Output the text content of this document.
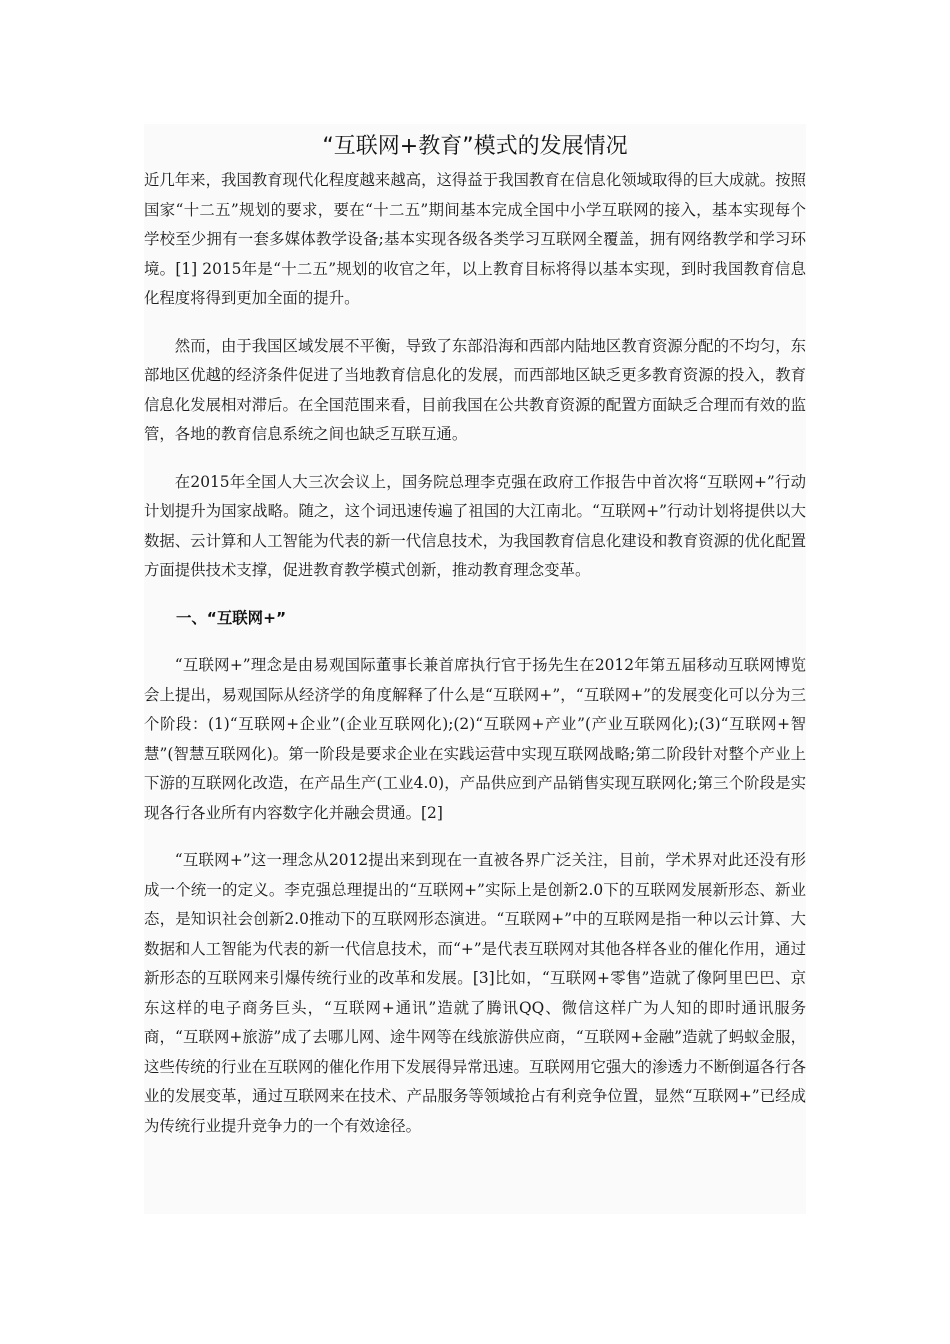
“互联网+教育”模式的发展情况

近几年来，我国教育现代化程度越来越高，这得益于我国教育在信息化领域取得的巨大成就。按照国家“十二五”规划的要求，要在“十二五”期间基本完成全国中小学互联网的接入，基本实现每个学校至少拥有一套多媒体教学设备;基本实现各级各类学习互联网全覆盖，拥有网络教学和学习环境。[1] 2015年是“十二五”规划的收官之年，以上教育目标将得以基本实现，到时我国教育信息化程度将得到更加全面的提升。

然而，由于我国区域发展不平衡，导致了东部沿海和西部内陆地区教育资源分配的不均匀，东部地区优越的经济条件促进了当地教育信息化的发展，而西部地区缺乏更多教育资源的投入，教育信息化发展相对滞后。在全国范围来看，目前我国在公共教育资源的配置方面缺乏合理而有效的监管，各地的教育信息系统之间也缺乏互联互通。

在2015年全国人大三次会议上，国务院总理李克强在政府工作报告中首次将“互联网+”行动计划提升为国家战略。随之，这个词迅速传遍了祖国的大江南北。“互联网+”行动计划将提供以大数据、云计算和人工智能为代表的新一代信息技术，为我国教育信息化建设和教育资源的优化配置方面提供技术支撑，促进教育教学模式创新，推动教育理念变革。

一、“互联网+”

“互联网+”理念是由易观国际董事长兼首席执行官于扬先生在2012年第五届移动互联网博览会上提出，易观国际从经济学的角度解释了什么是“互联网+”，“互联网+”的发展变化可以分为三个阶段：(1)“互联网+企业”(企业互联网化);(2)“互联网+产业”(产业互联网化);(3)“互联网+智慧”(智慧互联网化)。第一阶段是要求企业在实践运营中实现互联网战略;第二阶段针对整个产业上下游的互联网化改造，在产品生产(工业4.0)，产品供应到产品销售实现互联网化;第三个阶段是实现各行各业所有内容数字化并融会贯通。[2]

“互联网+”这一理念从2012提出来到现在一直被各界广泛关注，目前，学术界对此还没有形成一个统一的定义。李克强总理提出的“互联网+”实际上是创新2.0下的互联网发展新形态、新业态，是知识社会创新2.0推动下的互联网形态演进。“互联网+”中的互联网是指一种以云计算、大数据和人工智能为代表的新一代信息技术，而“+”是代表互联网对其他各样各业的催化作用，通过新形态的互联网来引爆传统行业的改革和发展。[3]比如，“互联网+零售”造就了像阿里巴巴、京东这样的电子商务巨头，“互联网+通讯”造就了腾讯QQ、微信这样广为人知的即时通讯服务商，“互联网+旅游”成了去哪儿网、途牛网等在线旅游供应商，“互联网+金融”造就了蚂蚁金服，这些传统的行业在互联网的催化作用下发展得异常迅速。互联网用它强大的渗透力不断倒逼各行各业的发展变革，通过互联网来在技术、产品服务等领域抢占有利竞争位置，显然“互联网+”已经成为传统行业提升竞争力的一个有效途径。
